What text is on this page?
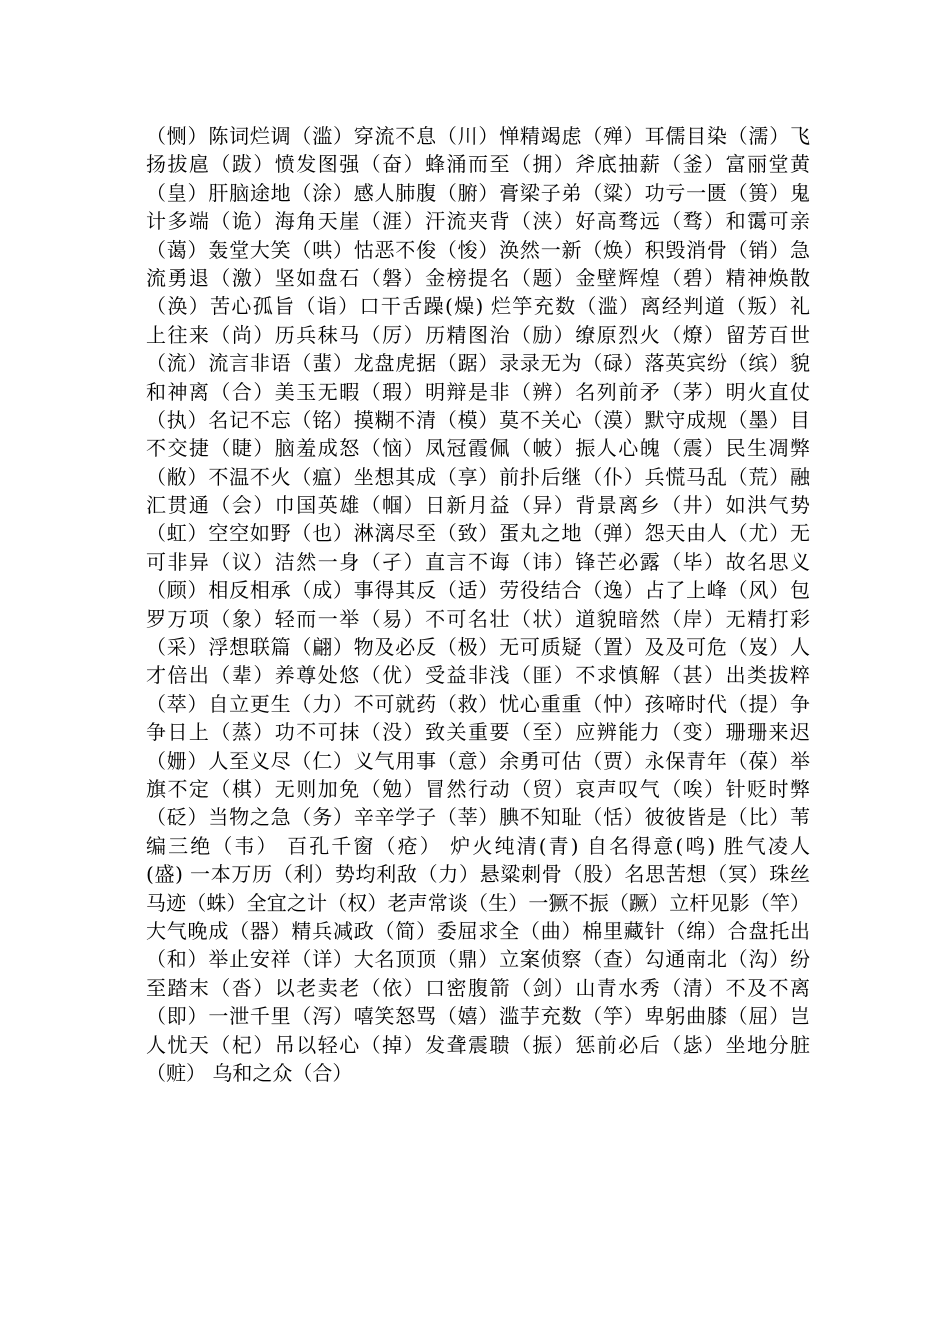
（恻）陈词烂调（滥）穿流不息（川）惮精竭虑（殚）耳儒目染（濡）飞
扬拔扈（跋）愤发图强（奋）蜂涌而至（拥）斧底抽薪（釜）富丽堂黄
（皇）肝脑途地（涂）感人肺腹（腑）膏梁子弟（粱）功亏一匮（篑）鬼
计多端（诡）海角天崖（涯）汗流夹背（浃）好高骛远（骛）和霭可亲
（蔼）轰堂大笑（哄）怙恶不俊（悛）涣然一新（焕）积毁消骨（销）急
流勇退（激）坚如盘石（磐）金榜提名（题）金壁辉煌（碧）精神焕散
（涣）苦心孤旨（诣）口干舌躁(燥) 烂竽充数（滥）离经判道（叛）礼
上往来（尚）历兵秣马（厉）历精图治（励）缭原烈火（燎）留芳百世
（流）流言非语（蜚）龙盘虎据（踞）录录无为（碌）落英宾纷（缤）貌
和神离（合）美玉无暇（瑕）明辩是非（辨）名列前矛（茅）明火直仗
（执）名记不忘（铭）摸糊不清（模）莫不关心（漠）默守成规（墨）目
不交捷（睫）脑羞成怒（恼）凤冠霞佩（帔）振人心魄（震）民生凋弊
（敝）不温不火（瘟）坐想其成（享）前扑后继（仆）兵慌马乱（荒）融
汇贯通（会）巾国英雄（帼）日新月益（异）背景离乡（井）如洪气势
（虹）空空如野（也）淋漓尽至（致）蛋丸之地（弹）怨天由人（尤）无
可非异（议）洁然一身（孑）直言不诲（讳）锋芒必露（毕）故名思义
（顾）相反相承（成）事得其反（适）劳役结合（逸）占了上峰（风）包
罗万项（象）轻而一举（易）不可名壮（状）道貌暗然（岸）无精打彩
（采）浮想联篇（翩）物及必反（极）无可质疑（置）及及可危（岌）人
才倍出（辈）养尊处悠（优）受益非浅（匪）不求慎解（甚）出类拔粹
（萃）自立更生（力）不可就药（救）忧心重重（忡）孩啼时代（提）争
争日上（蒸）功不可抹（没）致关重要（至）应辨能力（变）珊珊来迟
（姗）人至义尽（仁）义气用事（意）余勇可估（贾）永保青年（葆）举
旗不定（棋）无则加免（勉）冒然行动（贸）哀声叹气（唉）针贬时弊
（砭）当物之急（务）辛辛学子（莘）腆不知耻（恬）彼彼皆是（比）苇
编三绝（韦） 百孔千窗（疮） 炉火纯清(青) 自名得意(鸣) 胜气凌人
(盛) 一本万历（利）势均利敌（力）悬粱刺骨（股）名思苦想（冥）珠丝
马迹（蛛）全宜之计（权）老声常谈（生）一獗不振（蹶）立杆见影（竿）
大气晚成（器）精兵减政（简）委屈求全（曲）棉里藏针（绵）合盘托出
（和）举止安祥（详）大名顶顶（鼎）立案侦察（查）勾通南北（沟）纷
至踏末（沓）以老卖老（依）口密腹箭（剑）山青水秀（清）不及不离
（即）一泄千里（泻）嘻笑怒骂（嬉）滥芋充数（竽）卑躬曲膝（屈）岂
人忧天（杞）吊以轻心（掉）发聋震聩（振）惩前必后（毖）坐地分脏
（赃） 乌和之众（合）
